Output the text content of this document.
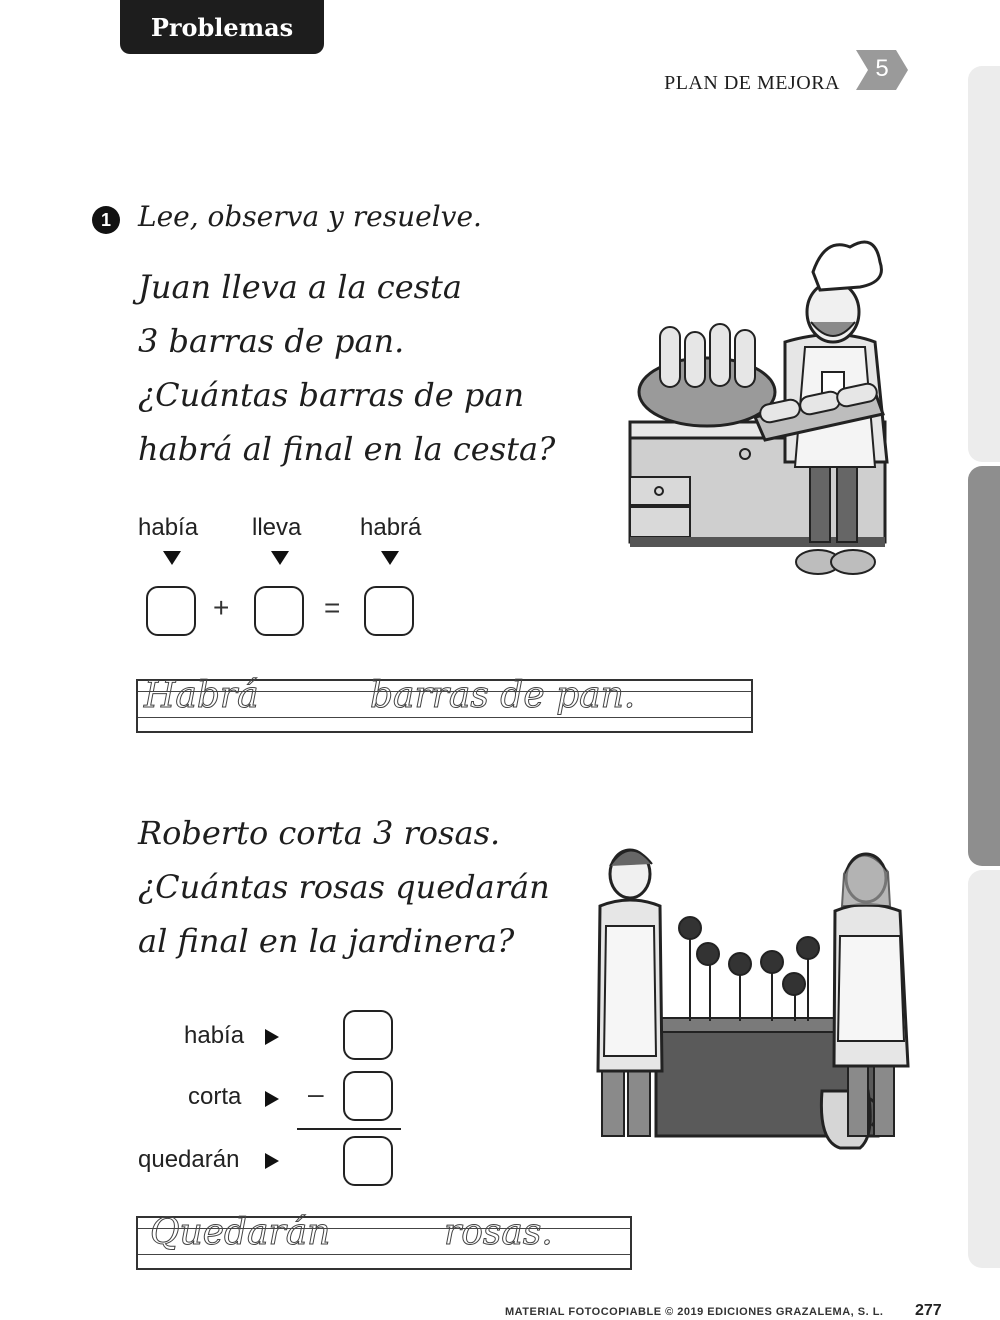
Problemas
PLAN DE MEJORA
5
1 Lee, observa y resuelve.
Juan lleva a la cesta
3 barras de pan.
¿Cuántas barras de pan
habrá al final en la cesta?
había lleva habrá
+	=
Habrá	barras de pan.
Roberto corta 3 rosas.
¿Cuántas rosas quedarán
al final en la jardinera?
había
corta –
quedarán
Quedarán	rosas.
MATERIAL FOTOCOPIABLE © 2019 EDICIONES GRAZALEMA, S. L. 277
